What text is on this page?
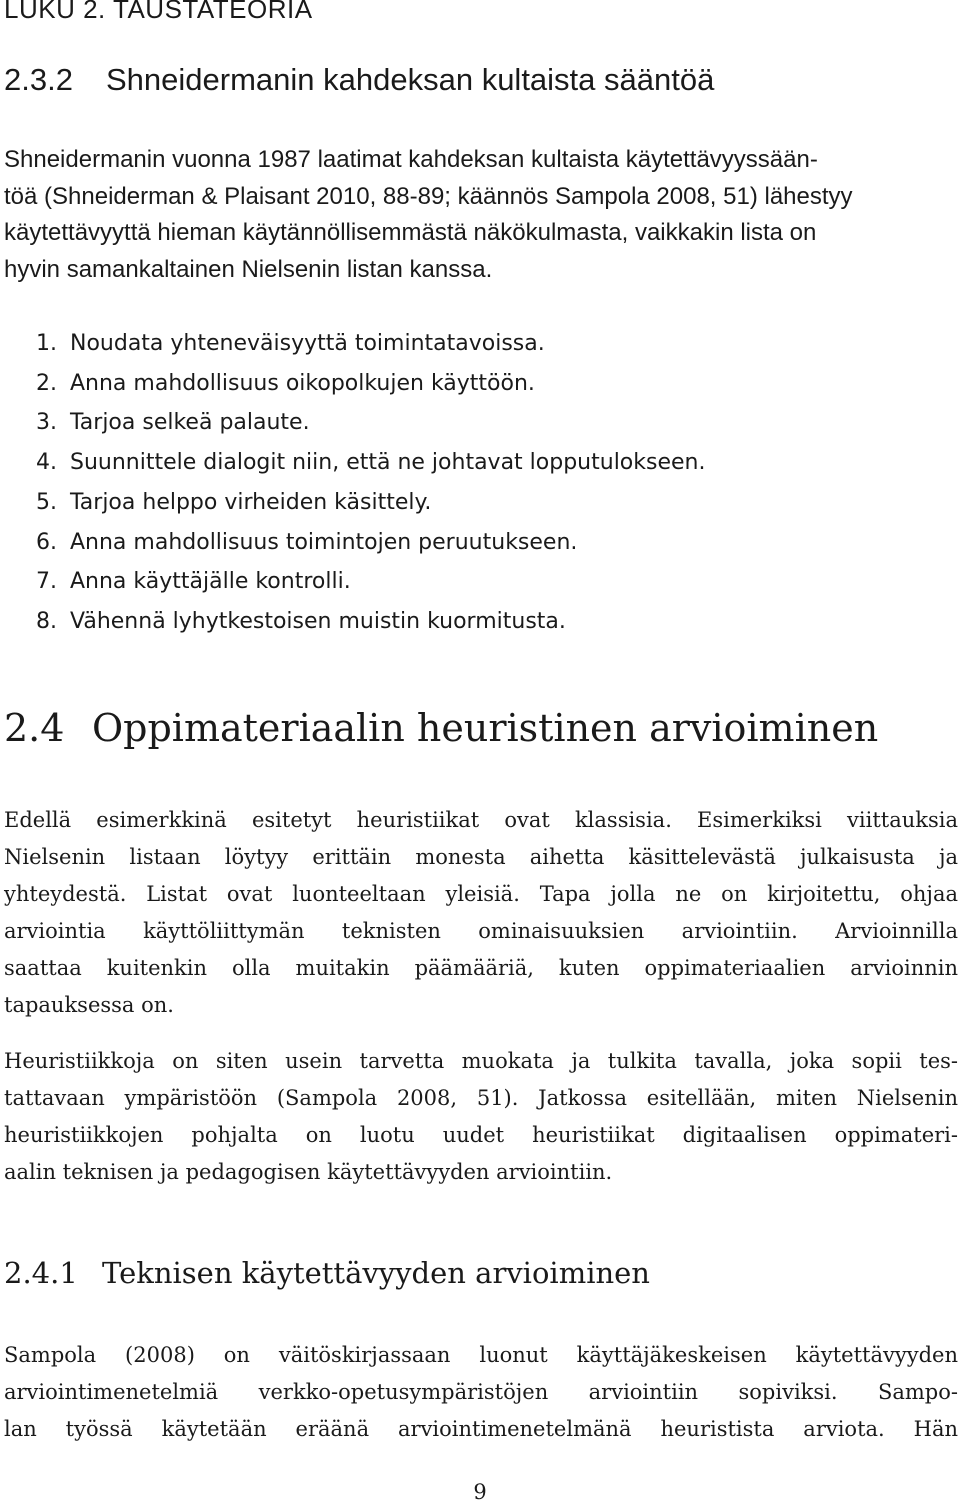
LUKU 2. TAUSTATEORIA
2.3.2 Shneidermanin kahdeksan kultaista sääntöä

Shneidermanin vuonna 1987 laatimat kahdeksan kultaista käytettävyyssään-
töä (Shneiderman & Plaisant 2010, 88-89; käännös Sampola 2008, 51) lähestyy
käytettävyyttä hieman käytännöllisemmästä näkökulmasta, vaikkakin lista on
hyvin samankaltainen Nielsenin listan kanssa.

1. Noudata yhteneväisyyttä toimintatavoissa.
2. Anna mahdollisuus oikopolkujen käyttöön.
3. Tarjoa selkeä palaute.
4. Suunnittele dialogit niin, että ne johtavat lopputulokseen.
5. Tarjoa helppo virheiden käsittely.
6. Anna mahdollisuus toimintojen peruutukseen.
7. Anna käyttäjälle kontrolli.
8. Vähennä lyhytkestoisen muistin kuormitusta.
2.4 Oppimateriaalin heuristinen arvioiminen

Edellä esimerkkinä esitetyt heuristiikat ovat klassisia. Esimerkiksi viittauksia
Nielsenin listaan löytyy erittäin monesta aihetta käsittelevästä julkaisusta ja
yhteydestä. Listat ovat luonteeltaan yleisiä. Tapa jolla ne on kirjoitettu, ohjaa
arviointia käyttöliittymän teknisten ominaisuuksien arviointiin. Arvioinnilla
saattaa kuitenkin olla muitakin päämääriä, kuten oppimateriaalien arvioinnin
tapauksessa on.

Heuristiikkoja on siten usein tarvetta muokata ja tulkita tavalla, joka sopii tes-
tattavaan ympäristöön (Sampola 2008, 51). Jatkossa esitellään, miten Nielsenin
heuristiikkojen pohjalta on luotu uudet heuristiikat digitaalisen oppimateri-
aalin teknisen ja pedagogisen käytettävyyden arviointiin.

2.4.1 Teknisen käytettävyyden arvioiminen

Sampola (2008) on väitöskirjassaan luonut käyttäjäkeskeisen käytettävyyden
arviointimenetelmiä verkko-opetusympäristöjen arviointiin sopiviksi. Sampo-
lan työssä käytetään eräänä arviointimenetelmänä heuristista arviota. Hän

9
